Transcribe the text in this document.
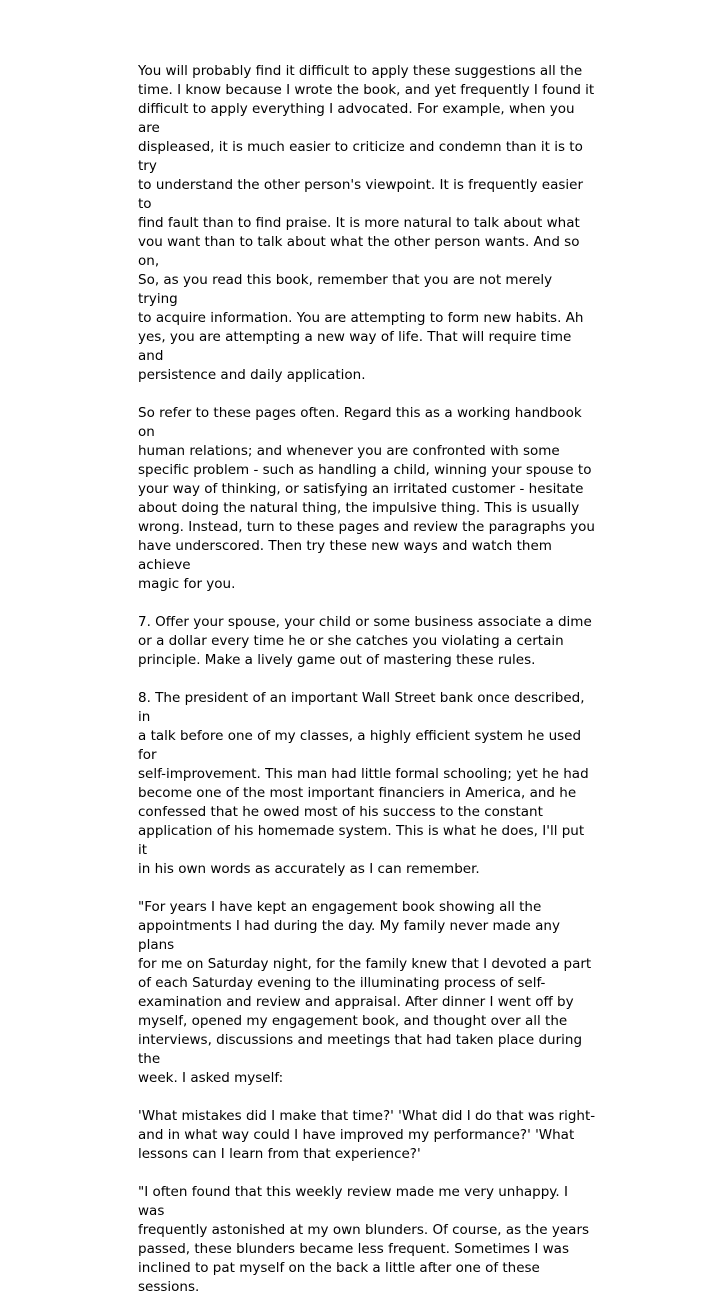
You will probably find it difficult to apply these suggestions all the
time. I know because I wrote the book, and yet frequently I found it
difficult to apply everything I advocated. For example, when you are
displeased, it is much easier to criticize and condemn than it is to try
to understand the other person's viewpoint. It is frequently easier to
find fault than to find praise. It is more natural to talk about what
vou want than to talk about what the other person wants. And so on,
So, as you read this book, remember that you are not merely trying
to acquire information. You are attempting to form new habits. Ah
yes, you are attempting a new way of life. That will require time and
persistence and daily application.

So refer to these pages often. Regard this as a working handbook on
human relations; and whenever you are confronted with some
specific problem - such as handling a child, winning your spouse to
your way of thinking, or satisfying an irritated customer - hesitate
about doing the natural thing, the impulsive thing. This is usually
wrong. Instead, turn to these pages and review the paragraphs you
have underscored. Then try these new ways and watch them achieve
magic for you.

7. Offer your spouse, your child or some business associate a dime
or a dollar every time he or she catches you violating a certain
principle. Make a lively game out of mastering these rules.

8. The president of an important Wall Street bank once described, in
a talk before one of my classes, a highly efficient system he used for
self-improvement. This man had little formal schooling; yet he had
become one of the most important financiers in America, and he
confessed that he owed most of his success to the constant
application of his homemade system. This is what he does, I'll put it
in his own words as accurately as I can remember.

"For years I have kept an engagement book showing all the
appointments I had during the day. My family never made any plans
for me on Saturday night, for the family knew that I devoted a part
of each Saturday evening to the illuminating process of self-
examination and review and appraisal. After dinner I went off by
myself, opened my engagement book, and thought over all the
interviews, discussions and meetings that had taken place during the
week. I asked myself:

'What mistakes did I make that time?' 'What did I do that was right-
and in what way could I have improved my performance?' 'What
lessons can I learn from that experience?'

"I often found that this weekly review made me very unhappy. I was
frequently astonished at my own blunders. Of course, as the years
passed, these blunders became less frequent. Sometimes I was
inclined to pat myself on the back a little after one of these sessions.
